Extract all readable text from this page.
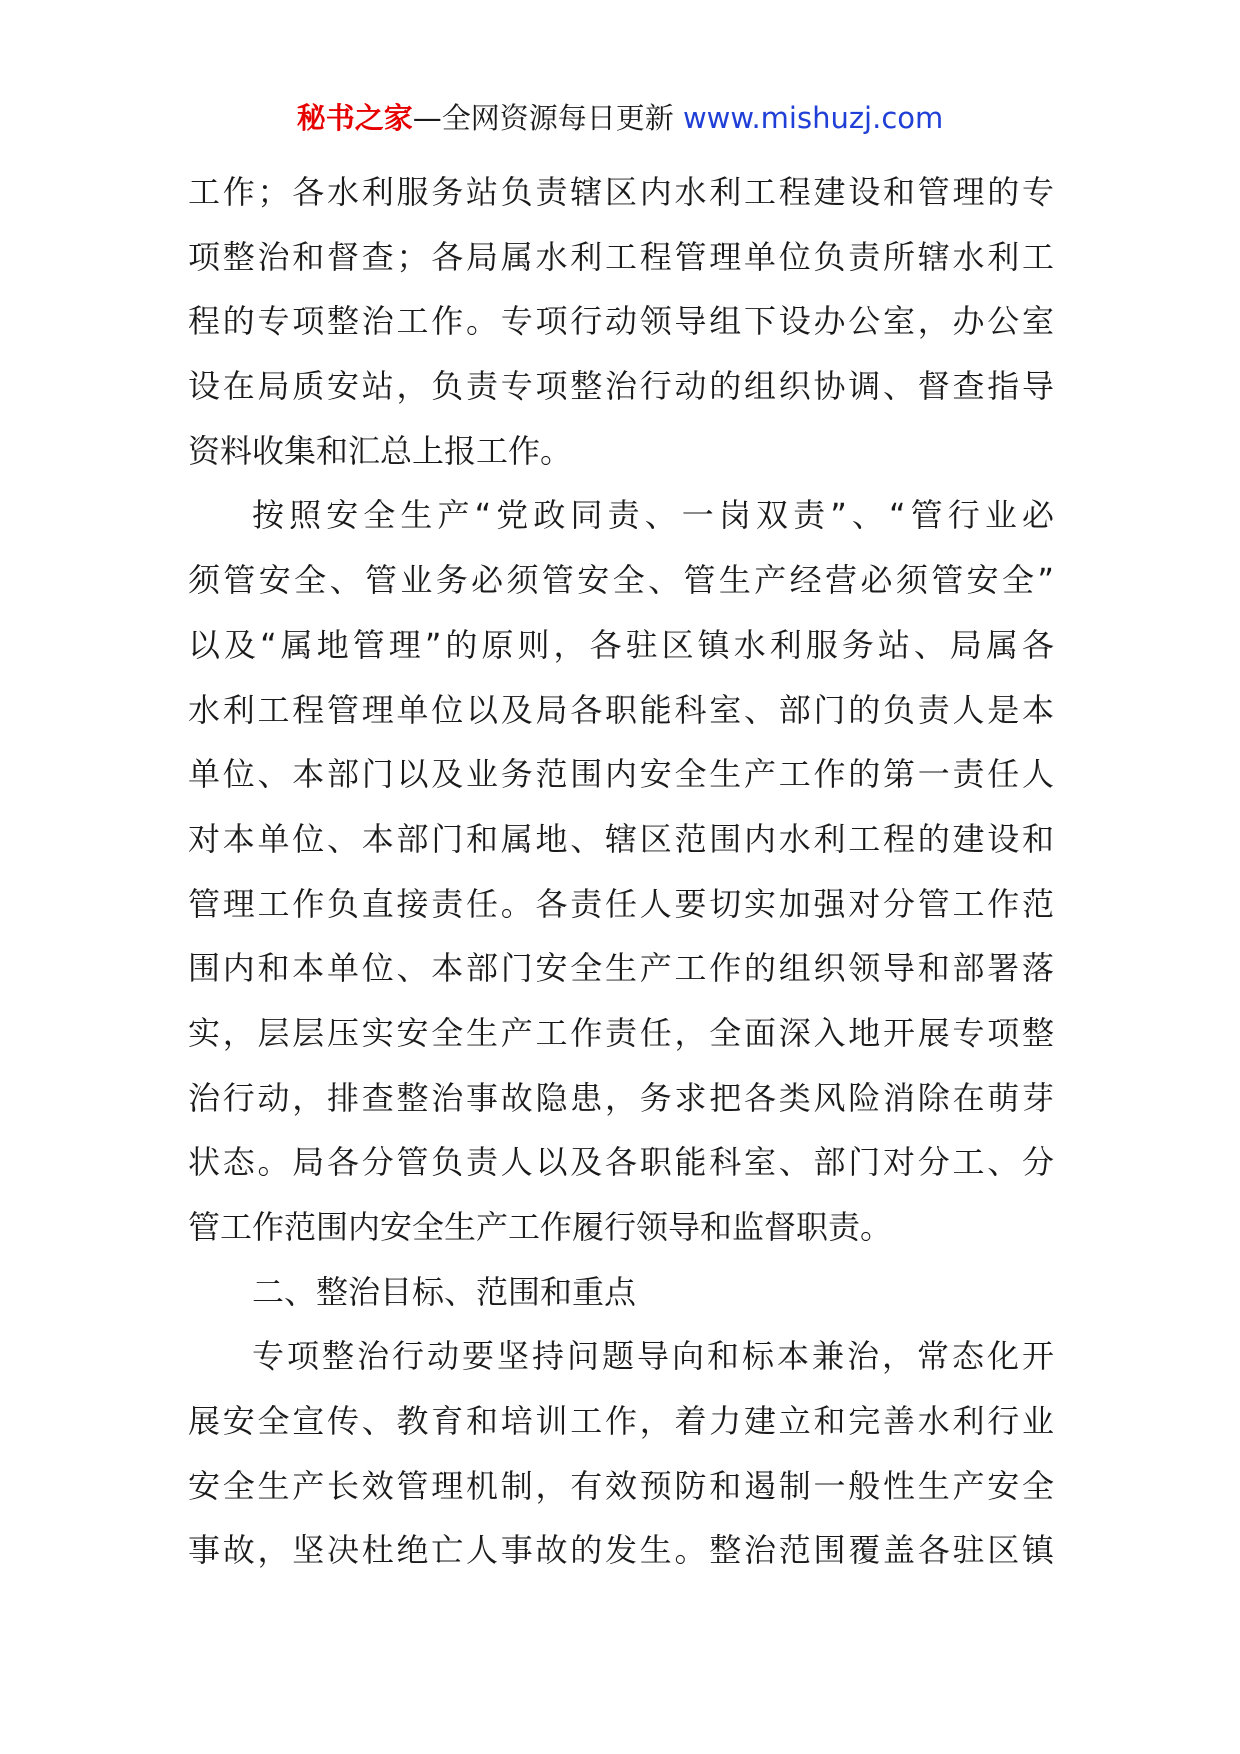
秘书之家—全网资源每日更新 www.mishuzj.com
工作；各水利服务站负责辖区内水利工程建设和管理的专
项整治和督查；各局属水利工程管理单位负责所辖水利工
程的专项整治工作。专项行动领导组下设办公室，办公室
设在局质安站，负责专项整治行动的组织协调、督查指导
资料收集和汇总上报工作。
按照安全生产“党政同责、一岗双责”、“管行业必
须管安全、管业务必须管安全、管生产经营必须管安全”
以及“属地管理”的原则，各驻区镇水利服务站、局属各
水利工程管理单位以及局各职能科室、部门的负责人是本
单位、本部门以及业务范围内安全生产工作的第一责任人
对本单位、本部门和属地、辖区范围内水利工程的建设和
管理工作负直接责任。各责任人要切实加强对分管工作范
围内和本单位、本部门安全生产工作的组织领导和部署落
实，层层压实安全生产工作责任，全面深入地开展专项整
治行动，排查整治事故隐患，务求把各类风险消除在萌芽
状态。局各分管负责人以及各职能科室、部门对分工、分
管工作范围内安全生产工作履行领导和监督职责。
二、整治目标、范围和重点
专项整治行动要坚持问题导向和标本兼治，常态化开
展安全宣传、教育和培训工作，着力建立和完善水利行业
安全生产长效管理机制，有效预防和遏制一般性生产安全
事故，坚决杜绝亡人事故的发生。整治范围覆盖各驻区镇
